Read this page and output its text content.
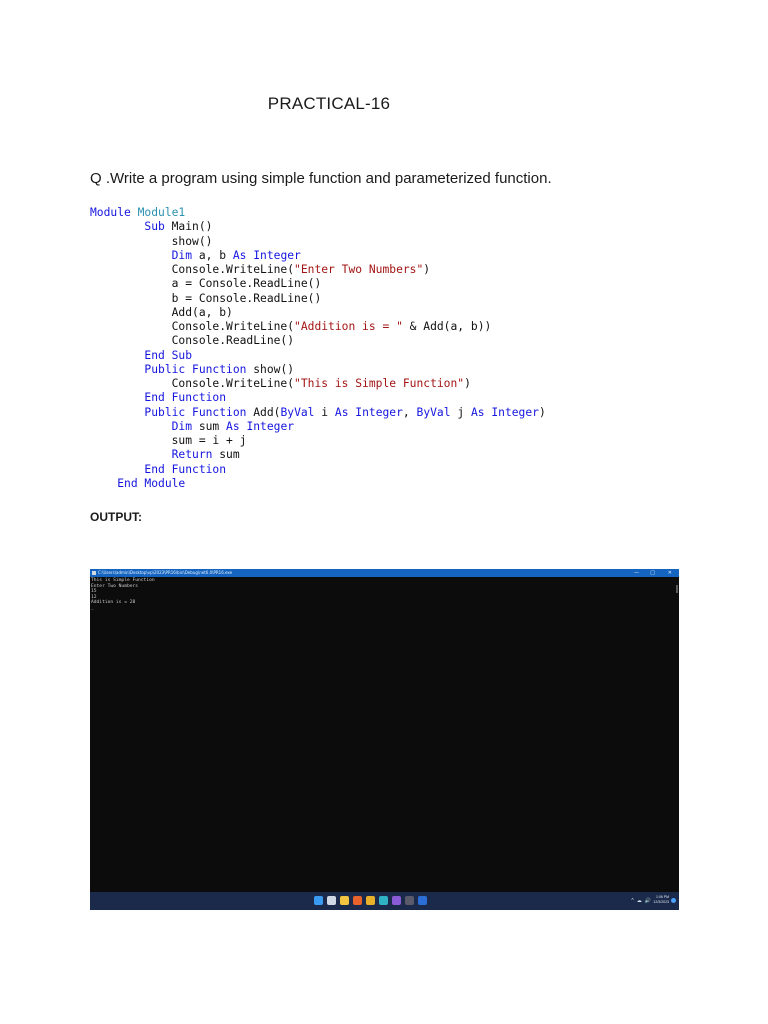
PRACTICAL-16
Q .Write a program using simple function and parameterized function.
Module Module1
Sub Main()
show()
Dim a, b As Integer
Console.WriteLine("Enter Two Numbers")
a = Console.ReadLine()
b = Console.ReadLine()
Add(a, b)
Console.WriteLine("Addition is = " & Add(a, b))
Console.ReadLine()
End Sub
Public Function show()
Console.WriteLine("This is Simple Function")
End Function
Public Function Add(ByVal i As Integer, ByVal j As Integer)
Dim sum As Integer
sum = i + j
Return sum
End Function
End Module
OUTPUT:
C:\Users\admin\Desktop\vp\2023\PR16\bin\Debug\net6.0\PR16.exe	— □	✕
This is Simple Function
Enter Two Numbers
15
12
Addition is = 28
_
^ ☁ 🔊
1:06 PM
12/3/2023
